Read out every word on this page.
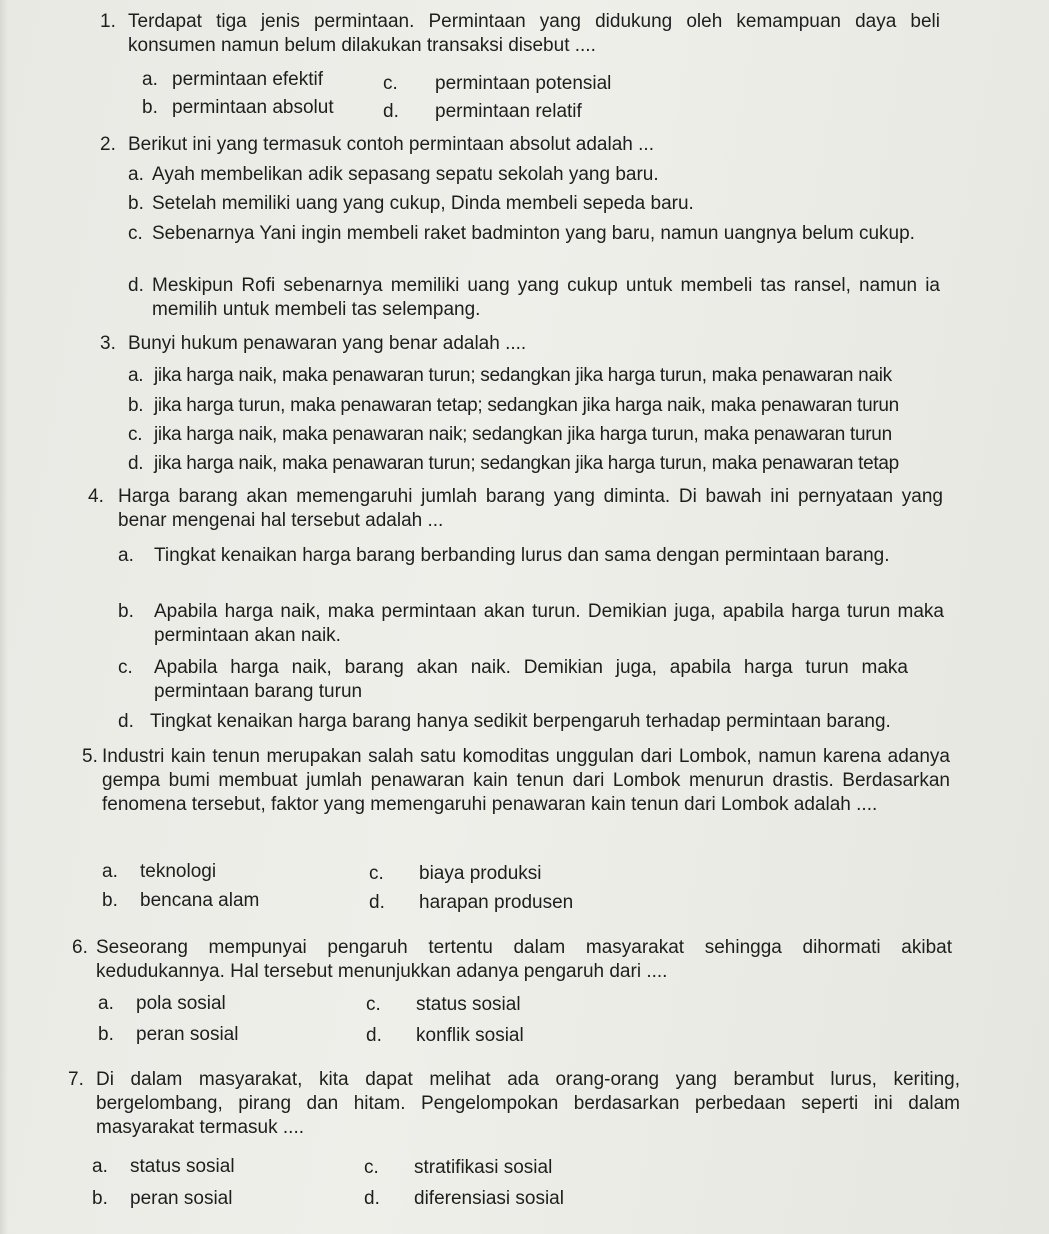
1. Terdapat tiga jenis permintaan. Permintaan yang didukung oleh kemampuan daya beli konsumen namun belum dilakukan transaksi disebut ....
a. permintaan efektif
b. permintaan absolut
c. permintaan potensial
d. permintaan relatif
2. Berikut ini yang termasuk contoh permintaan absolut adalah ...
a. Ayah membelikan adik sepasang sepatu sekolah yang baru.
b. Setelah memiliki uang yang cukup, Dinda membeli sepeda baru.
c. Sebenarnya Yani ingin membeli raket badminton yang baru, namun uangnya belum cukup.
d. Meskipun Rofi sebenarnya memiliki uang yang cukup untuk membeli tas ransel, namun ia memilih untuk membeli tas selempang.
3. Bunyi hukum penawaran yang benar adalah ....
a. jika harga naik, maka penawaran turun; sedangkan jika harga turun, maka penawaran naik
b. jika harga turun, maka penawaran tetap; sedangkan jika harga naik, maka penawaran turun
c. jika harga naik, maka penawaran naik; sedangkan jika harga turun, maka penawaran turun
d. jika harga naik, maka penawaran turun; sedangkan jika harga turun, maka penawaran tetap
4. Harga barang akan memengaruhi jumlah barang yang diminta. Di bawah ini pernyataan yang benar mengenai hal tersebut adalah ...
a. Tingkat kenaikan harga barang berbanding lurus dan sama dengan permintaan barang.
b. Apabila harga naik, maka permintaan akan turun. Demikian juga, apabila harga turun maka permintaan akan naik.
c. Apabila harga naik, barang akan naik. Demikian juga, apabila harga turun maka permintaan barang turun
d. Tingkat kenaikan harga barang hanya sedikit berpengaruh terhadap permintaan barang.
5. Industri kain tenun merupakan salah satu komoditas unggulan dari Lombok, namun karena adanya gempa bumi membuat jumlah penawaran kain tenun dari Lombok menurun drastis. Berdasarkan fenomena tersebut, faktor yang memengaruhi penawaran kain tenun dari Lombok adalah ....
a. teknologi
b. bencana alam
c. biaya produksi
d. harapan produsen
6. Seseorang mempunyai pengaruh tertentu dalam masyarakat sehingga dihormati akibat kedudukannya. Hal tersebut menunjukkan adanya pengaruh dari ....
a. pola sosial
b. peran sosial
c. status sosial
d. konflik sosial
7. Di dalam masyarakat, kita dapat melihat ada orang-orang yang berambut lurus, keriting, bergelombang, pirang dan hitam. Pengelompokan berdasarkan perbedaan seperti ini dalam masyarakat termasuk ....
a. status sosial
b. peran sosial
c. stratifikasi sosial
d. diferensiasi sosial
